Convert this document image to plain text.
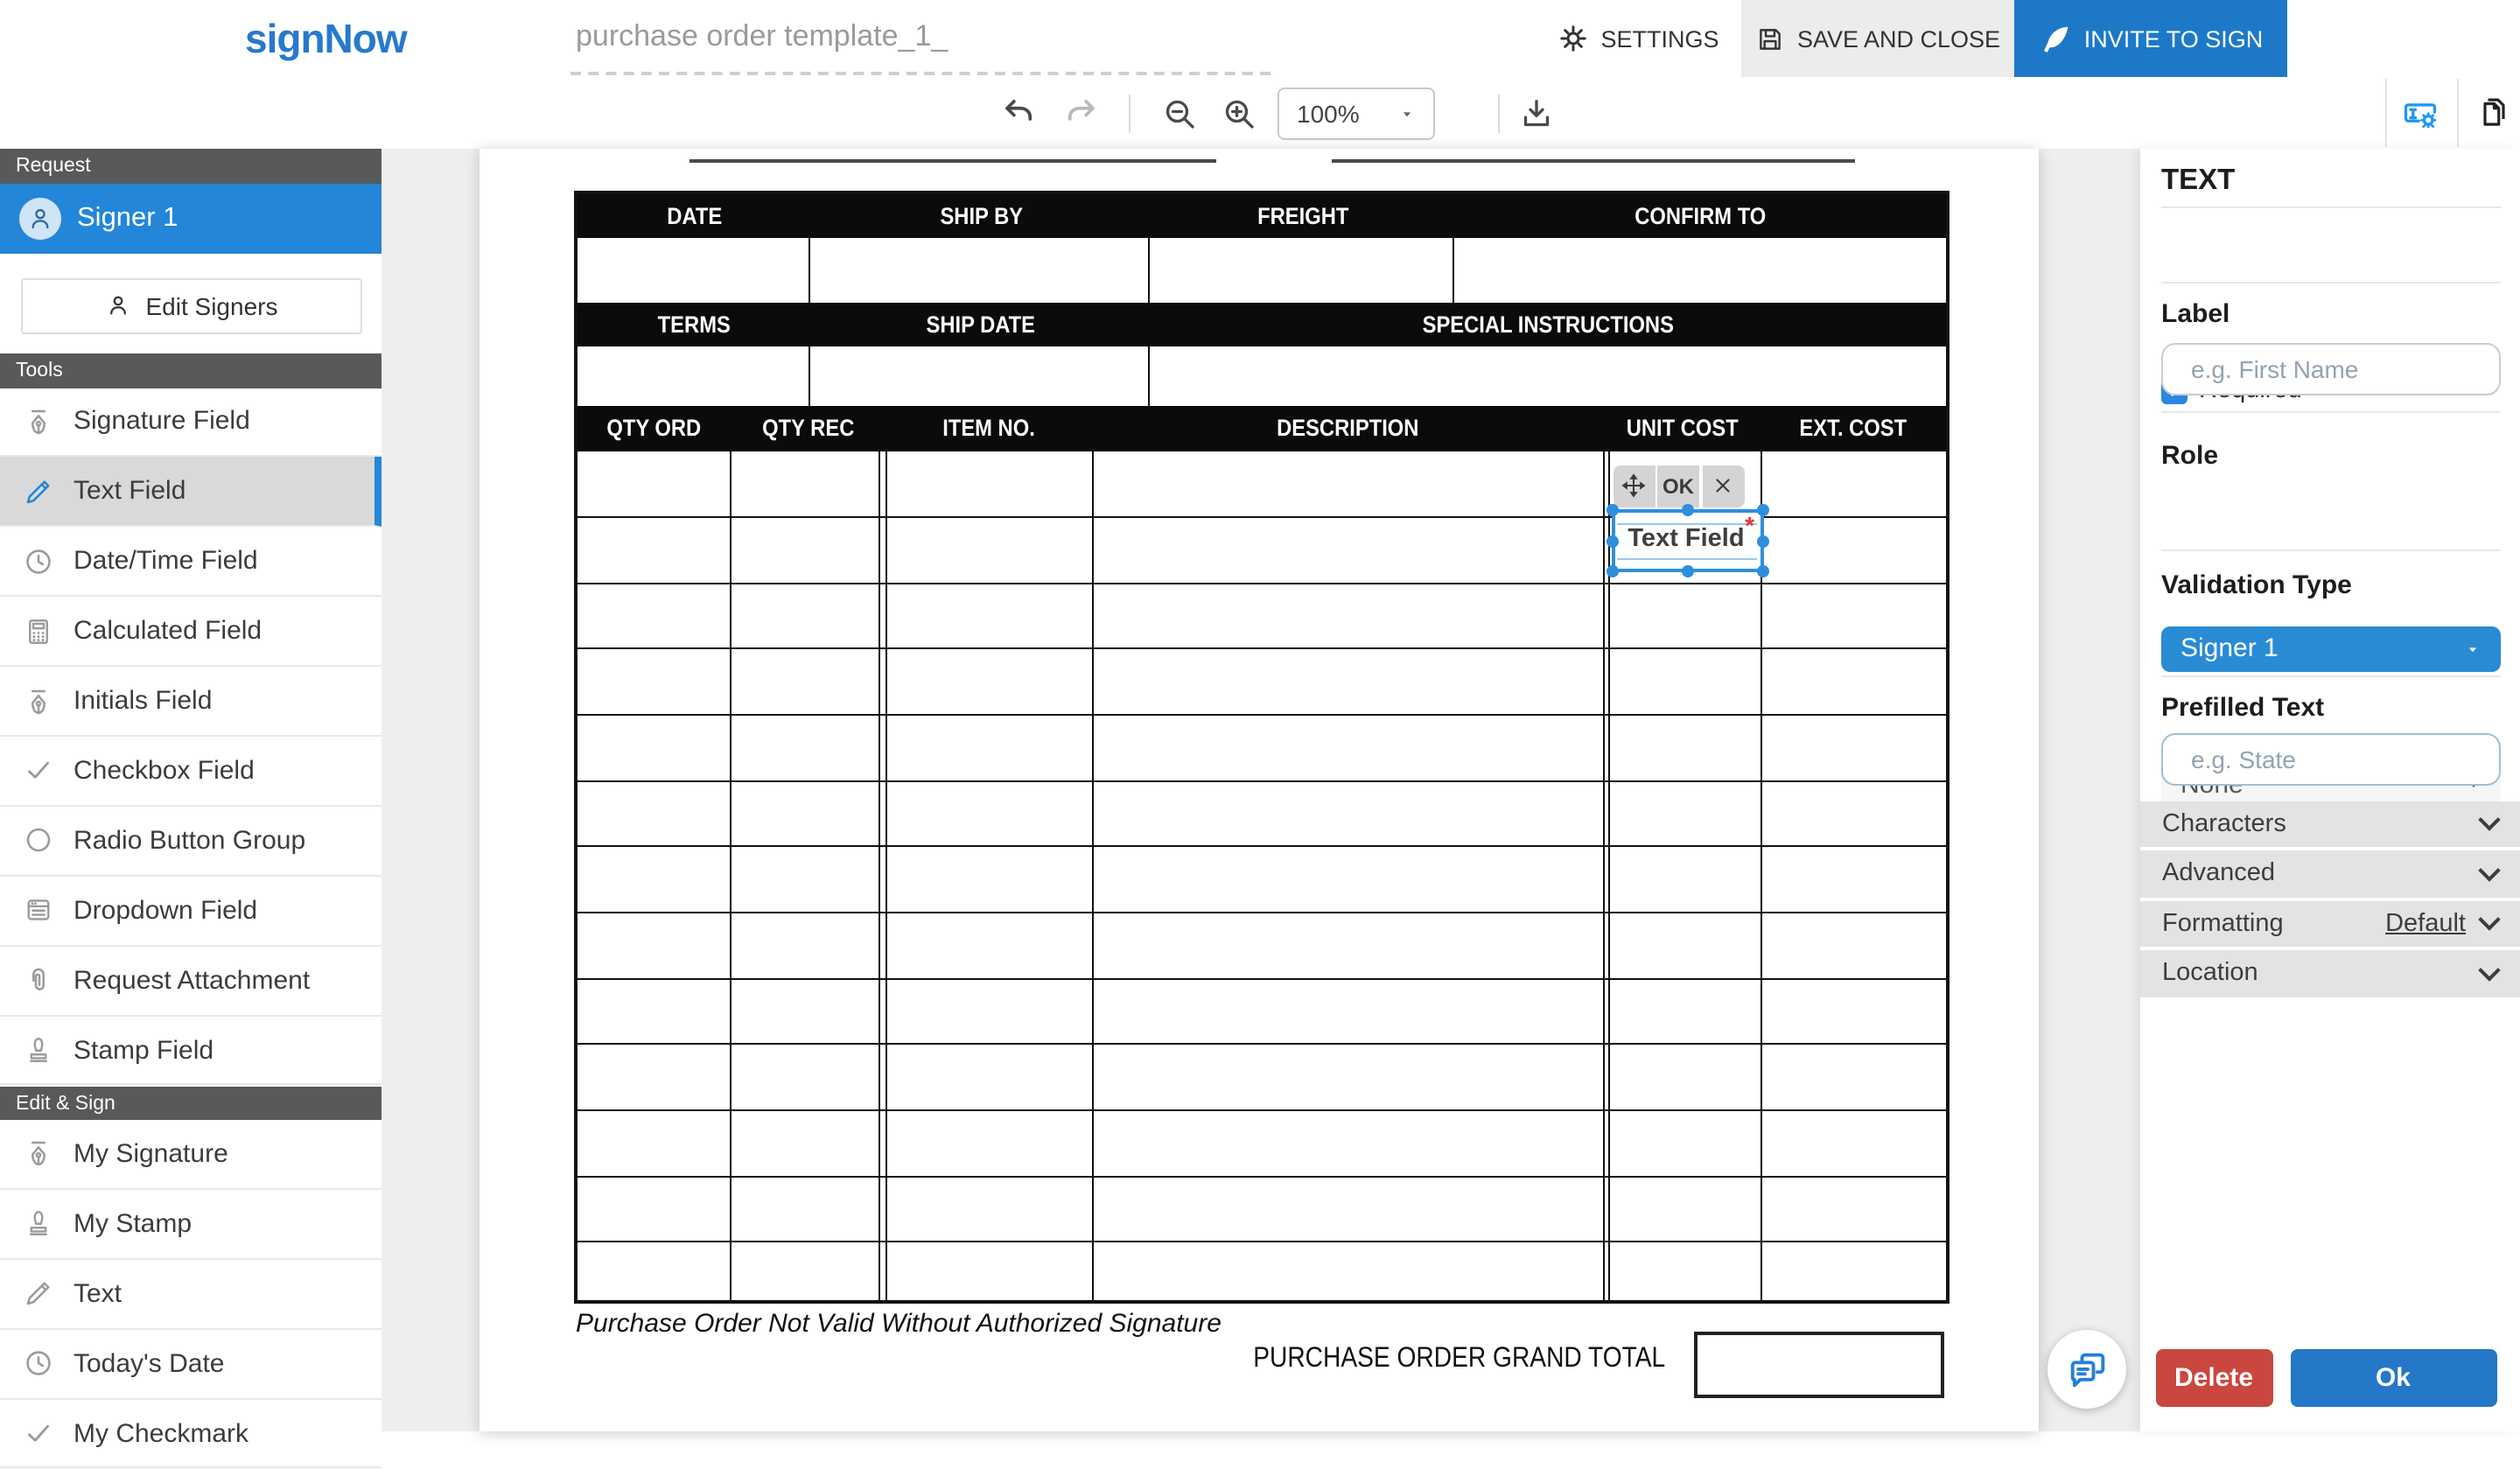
signNow	purchase order template_1_	SETTINGS	SAVE AND CLOSE	INVITE TO SIGN
100%
Request
Signer 1
Edit Signers
Tools
Signature Field
Text Field
Date/Time Field
Calculated Field
Initials Field
Checkbox Field
Radio Button Group
Dropdown Field
Request Attachment
Stamp Field
Edit & Sign
My Signature
My Stamp
Text
Today's Date
My Checkmark
DATE	SHIP BY	FREIGHT	CONFIRM TO
TERMS	SHIP DATE	SPECIAL INSTRUCTIONS
QTY ORD	QTY REC	ITEM NO.	DESCRIPTION	UNIT COST	EXT. COST
OK
Text Field
*
Purchase Order Not Valid Without Authorized Signature
PURCHASE ORDER GRAND TOTAL
TEXT
Label
e.g. First Name
Role
Signer 1
Validation Type
Prefilled Text
e.g. State
Characters
Advanced
Formatting	Default
Location
Delete	Ok
